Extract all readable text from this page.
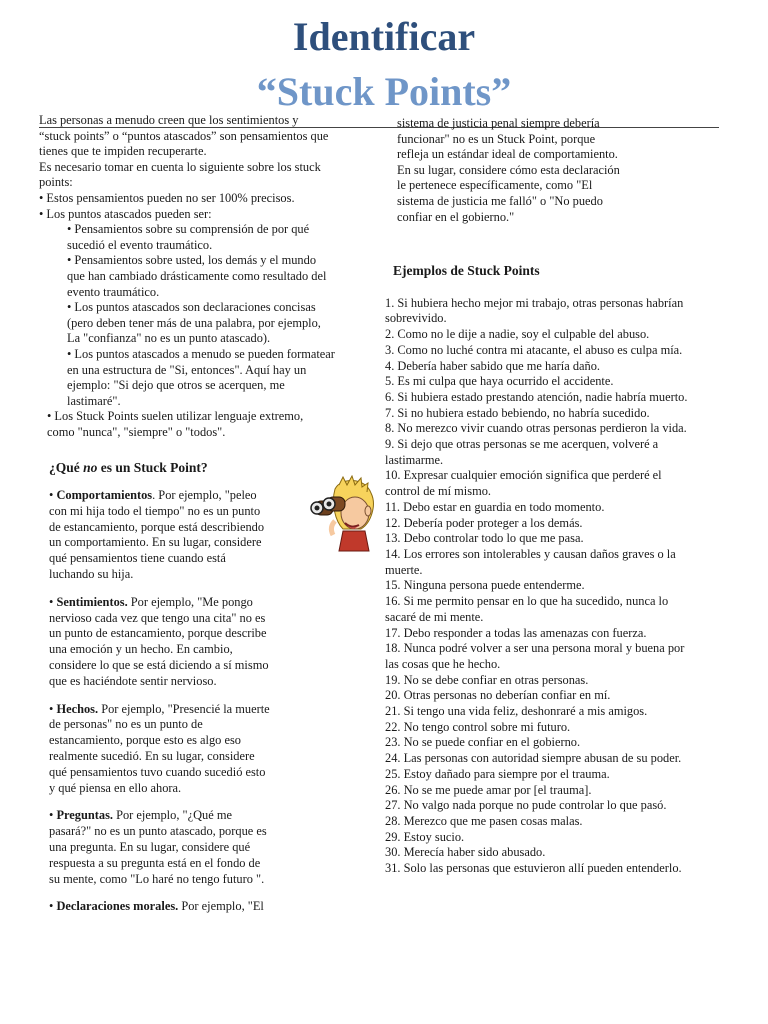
Identificar
“Stuck Points”
Las personas a menudo creen que los sentimientos y
“stuck points” o “puntos atascados” son pensamientos que
tienes que te impiden recuperarte.
Es necesario tomar en cuenta lo siguiente sobre los stuck
points:
• Estos pensamientos pueden no ser 100% precisos.
• Los puntos atascados pueden ser:
• Pensamientos sobre su comprensión de por qué
sucedió el evento traumático.
• Pensamientos sobre usted, los demás y el mundo
que han cambiado drásticamente como resultado del
evento traumático.
• Los puntos atascados son declaraciones concisas
(pero deben tener más de una palabra, por ejemplo,
La "confianza" no es un punto atascado).
• Los puntos atascados a menudo se pueden formatear
en una estructura de "Si, entonces". Aquí hay un
ejemplo: "Si dejo que otros se acerquen, me
lastimaré".
• Los Stuck Points suelen utilizar lenguaje extremo,
como "nunca", "siempre" o "todos".
¿Qué no es un Stuck Point?
• Comportamientos. Por ejemplo, "peleo
con mi hija todo el tiempo" no es un punto
de estancamiento, porque está describiendo
un comportamiento. En su lugar, considere
qué pensamientos tiene cuando está
luchando su hija.
• Sentimientos. Por ejemplo, "Me pongo
nervioso cada vez que tengo una cita" no es
un punto de estancamiento, porque describe
una emoción y un hecho. En cambio,
considere lo que se está diciendo a sí mismo
que es haciéndote sentir nervioso.
• Hechos. Por ejemplo, "Presencié la muerte
de personas" no es un punto de
estancamiento, porque esto es algo eso
realmente sucedió. En su lugar, considere
qué pensamientos tuvo cuando sucedió esto
y qué piensa en ello ahora.
• Preguntas. Por ejemplo, "¿Qué me
pasará?" no es un punto atascado, porque es
una pregunta. En su lugar, considere qué
respuesta a su pregunta está en el fondo de
su mente, como "Lo haré no tengo futuro ".
• Declaraciones morales. Por ejemplo, "El
sistema de justicia penal siempre debería
funcionar" no es un Stuck Point, porque
refleja un estándar ideal de comportamiento.
En su lugar, considere cómo esta declaración
le pertenece específicamente, como "El
sistema de justicia me falló" o "No puedo
confiar en el gobierno."
Ejemplos de Stuck Points
1. Si hubiera hecho mejor mi trabajo, otras personas habrían
sobrevivido.
2. Como no le dije a nadie, soy el culpable del abuso.
3. Como no luché contra mi atacante, el abuso es culpa mía.
4. Debería haber sabido que me haría daño.
5. Es mi culpa que haya ocurrido el accidente.
6. Si hubiera estado prestando atención, nadie habría muerto.
7. Si no hubiera estado bebiendo, no habría sucedido.
8. No merezco vivir cuando otras personas perdieron la vida.
9. Si dejo que otras personas se me acerquen, volveré a
lastimarme.
10. Expresar cualquier emoción significa que perderé el
control de mí mismo.
11. Debo estar en guardia en todo momento.
12. Debería poder proteger a los demás.
13. Debo controlar todo lo que me pasa.
14. Los errores son intolerables y causan daños graves o la
muerte.
15. Ninguna persona puede entenderme.
16. Si me permito pensar en lo que ha sucedido, nunca lo
sacaré de mi mente.
17. Debo responder a todas las amenazas con fuerza.
18. Nunca podré volver a ser una persona moral y buena por
las cosas que he hecho.
19. No se debe confiar en otras personas.
20. Otras personas no deberían confiar en mí.
21. Si tengo una vida feliz, deshonraré a mis amigos.
22. No tengo control sobre mi futuro.
23. No se puede confiar en el gobierno.
24. Las personas con autoridad siempre abusan de su poder.
25. Estoy dañado para siempre por el trauma.
26. No se me puede amar por [el trauma].
27. No valgo nada porque no pude controlar lo que pasó.
28. Merezco que me pasen cosas malas.
29. Estoy sucio.
30. Merecía haber sido abusado.
31. Solo las personas que estuvieron allí pueden entenderlo.
